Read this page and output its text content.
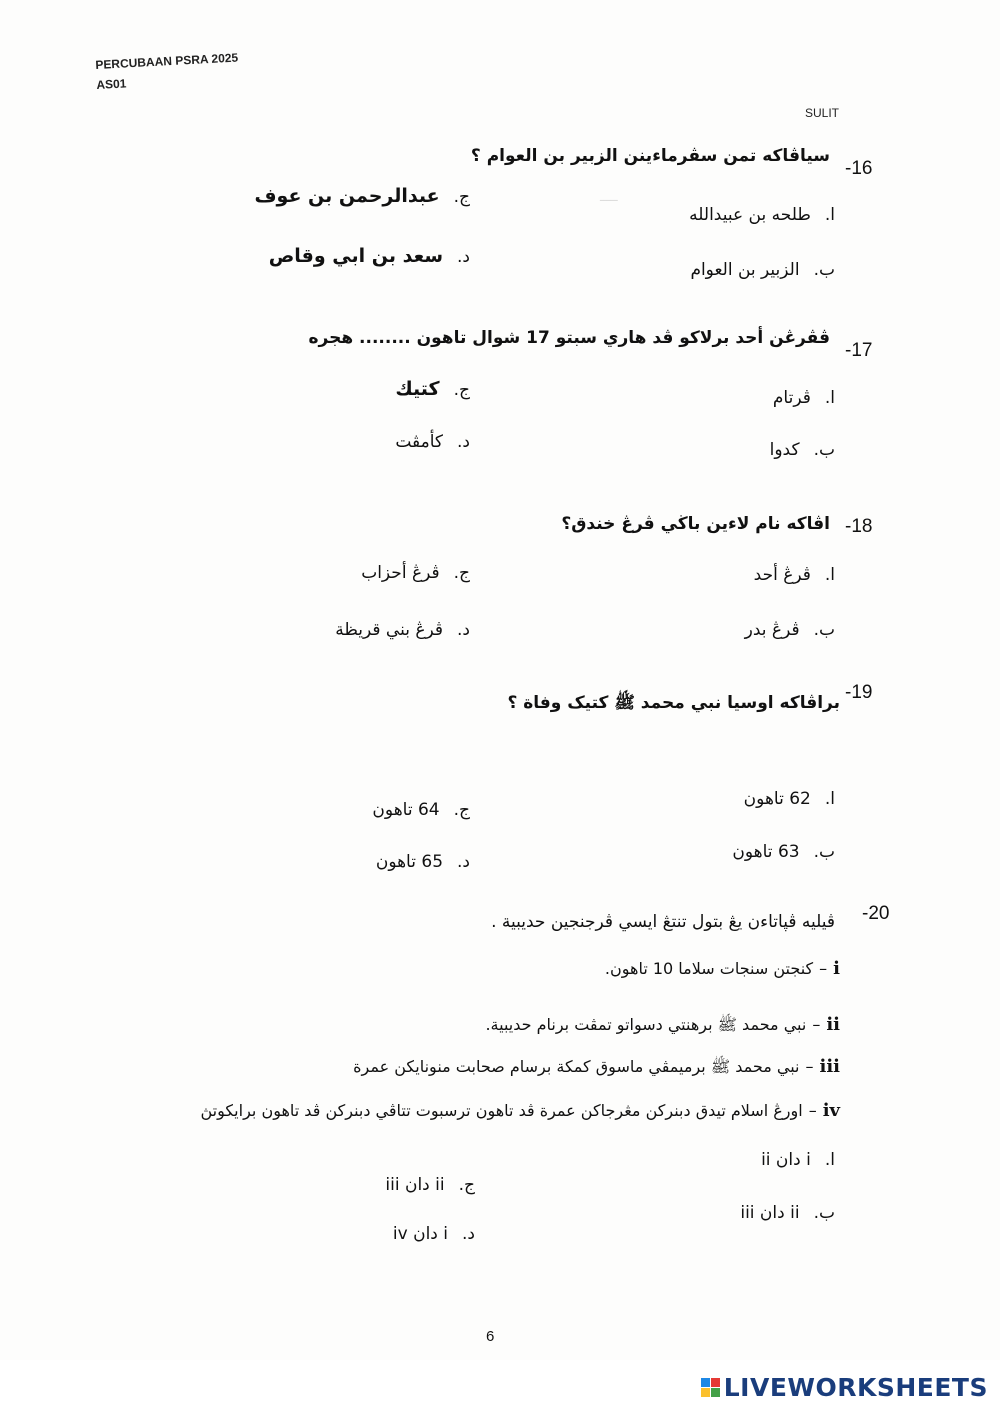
PERCUBAAN PSRA 2025
AS01
SULIT
ـــــ
-16
سياڤاكه تمن سڤرماءينن الزبير بن العوام ؟
ا.
طلحه بن عبيدالله
ب.
الزبير بن العوام
ج.
عبدالرحمن بن عوف
د.
سعد بن ابي وقاص
-17
ڤڤرڠن أحد برلاكو ڤد هاري سبتو 17 شوال تاهون ........ هجره
ا.
ڤرتام
ب.
كدوا
ج.
كتيك
د.
كأمڤت
-18
اڤاكه نام لاءين باڬي ڤرڠ خندق؟
ا.
ڤرڠ أحد
ب.
ڤرڠ بدر
ج.
ڤرڠ أحزاب
د.
ڤرڠ بني قريظة
-19
براڤاكه اوسيا نبي محمد ﷺ كتيک وفاة ؟
ا.
62 تاهون
ب.
63 تاهون
ج.
64 تاهون
د.
65 تاهون
-20
ڤيليه ڤڽاتاءن يڠ بتول تنتڠ ايسي ڤرجنجين حديبية .
i
–
كنجتن سنجات سلاما 10 تاهون.
ii
–
نبي محمد ﷺ برهنتي دسواتو تمڤت برنام حديبية.
iii
–
نبي محمد ﷺ برميمڤي ماسوق كمكة برسام صحابت منونايكن عمرة
iv
–
اورڠ اسلام تيدق دبنركن مڠرجاكن عمرة ڤد تاهون ترسبوت تتاڤي دبنركن ڤد تاهون برايكوتڽ
ا.
i دان ii
ب.
ii دان iii
ج.
ii دان iii
د.
i دان iv
6
LIVEWORKSHEETS
